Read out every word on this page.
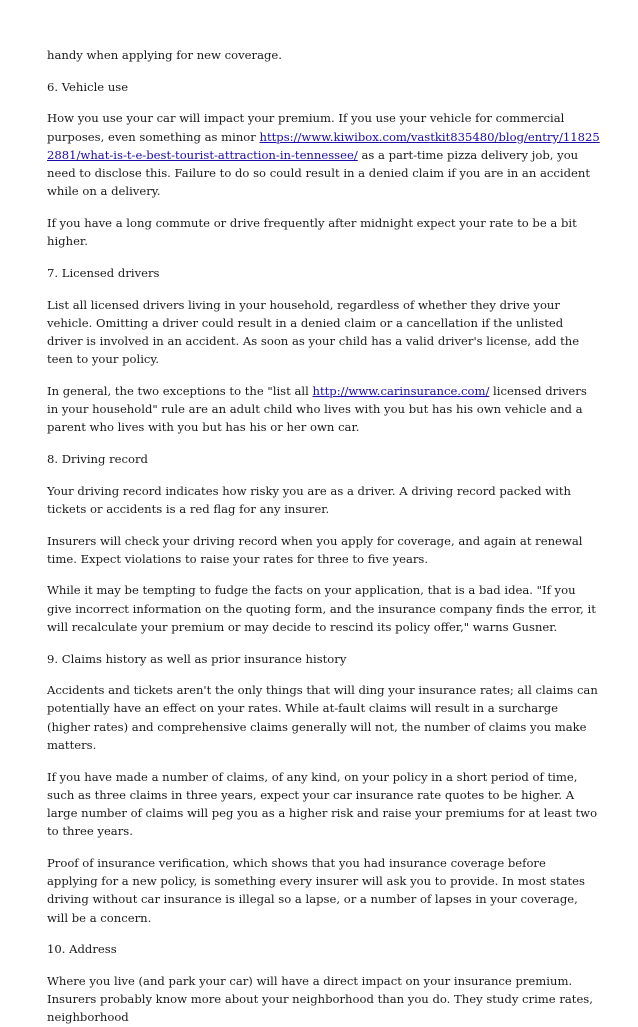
handy when applying for new coverage.

6. Vehicle use

How you use your car will impact your premium. If you use your vehicle for commercial purposes, even something as minor https://www.kiwibox.com/vastkit835480/blog/entry/118252881/what-is-t-e-best-tourist-attraction-in-tennessee/ as a part-time pizza delivery job, you need to disclose this. Failure to do so could result in a denied claim if you are in an accident while on a delivery.

If you have a long commute or drive frequently after midnight expect your rate to be a bit higher.

7. Licensed drivers

List all licensed drivers living in your household, regardless of whether they drive your vehicle. Omitting a driver could result in a denied claim or a cancellation if the unlisted driver is involved in an accident. As soon as your child has a valid driver's license, add the teen to your policy.

In general, the two exceptions to the "list all http://www.carinsurance.com/ licensed drivers in your household" rule are an adult child who lives with you but has his own vehicle and a parent who lives with you but has his or her own car.

8. Driving record

Your driving record indicates how risky you are as a driver. A driving record packed with tickets or accidents is a red flag for any insurer.

Insurers will check your driving record when you apply for coverage, and again at renewal time. Expect violations to raise your rates for three to five years.

While it may be tempting to fudge the facts on your application, that is a bad idea. "If you give incorrect information on the quoting form, and the insurance company finds the error, it will recalculate your premium or may decide to rescind its policy offer," warns Gusner.

9. Claims history as well as prior insurance history

Accidents and tickets aren't the only things that will ding your insurance rates; all claims can potentially have an effect on your rates. While at-fault claims will result in a surcharge (higher rates) and comprehensive claims generally will not, the number of claims you make matters.

If you have made a number of claims, of any kind, on your policy in a short period of time, such as three claims in three years, expect your car insurance rate quotes to be higher. A large number of claims will peg you as a higher risk and raise your premiums for at least two to three years.

Proof of insurance verification, which shows that you had insurance coverage before applying for a new policy, is something every insurer will ask you to provide. In most states driving without car insurance is illegal so a lapse, or a number of lapses in your coverage, will be a concern.

10. Address

Where you live (and park your car) will have a direct impact on your insurance premium. Insurers probably know more about your neighborhood than you do. They study crime rates, neighborhood
